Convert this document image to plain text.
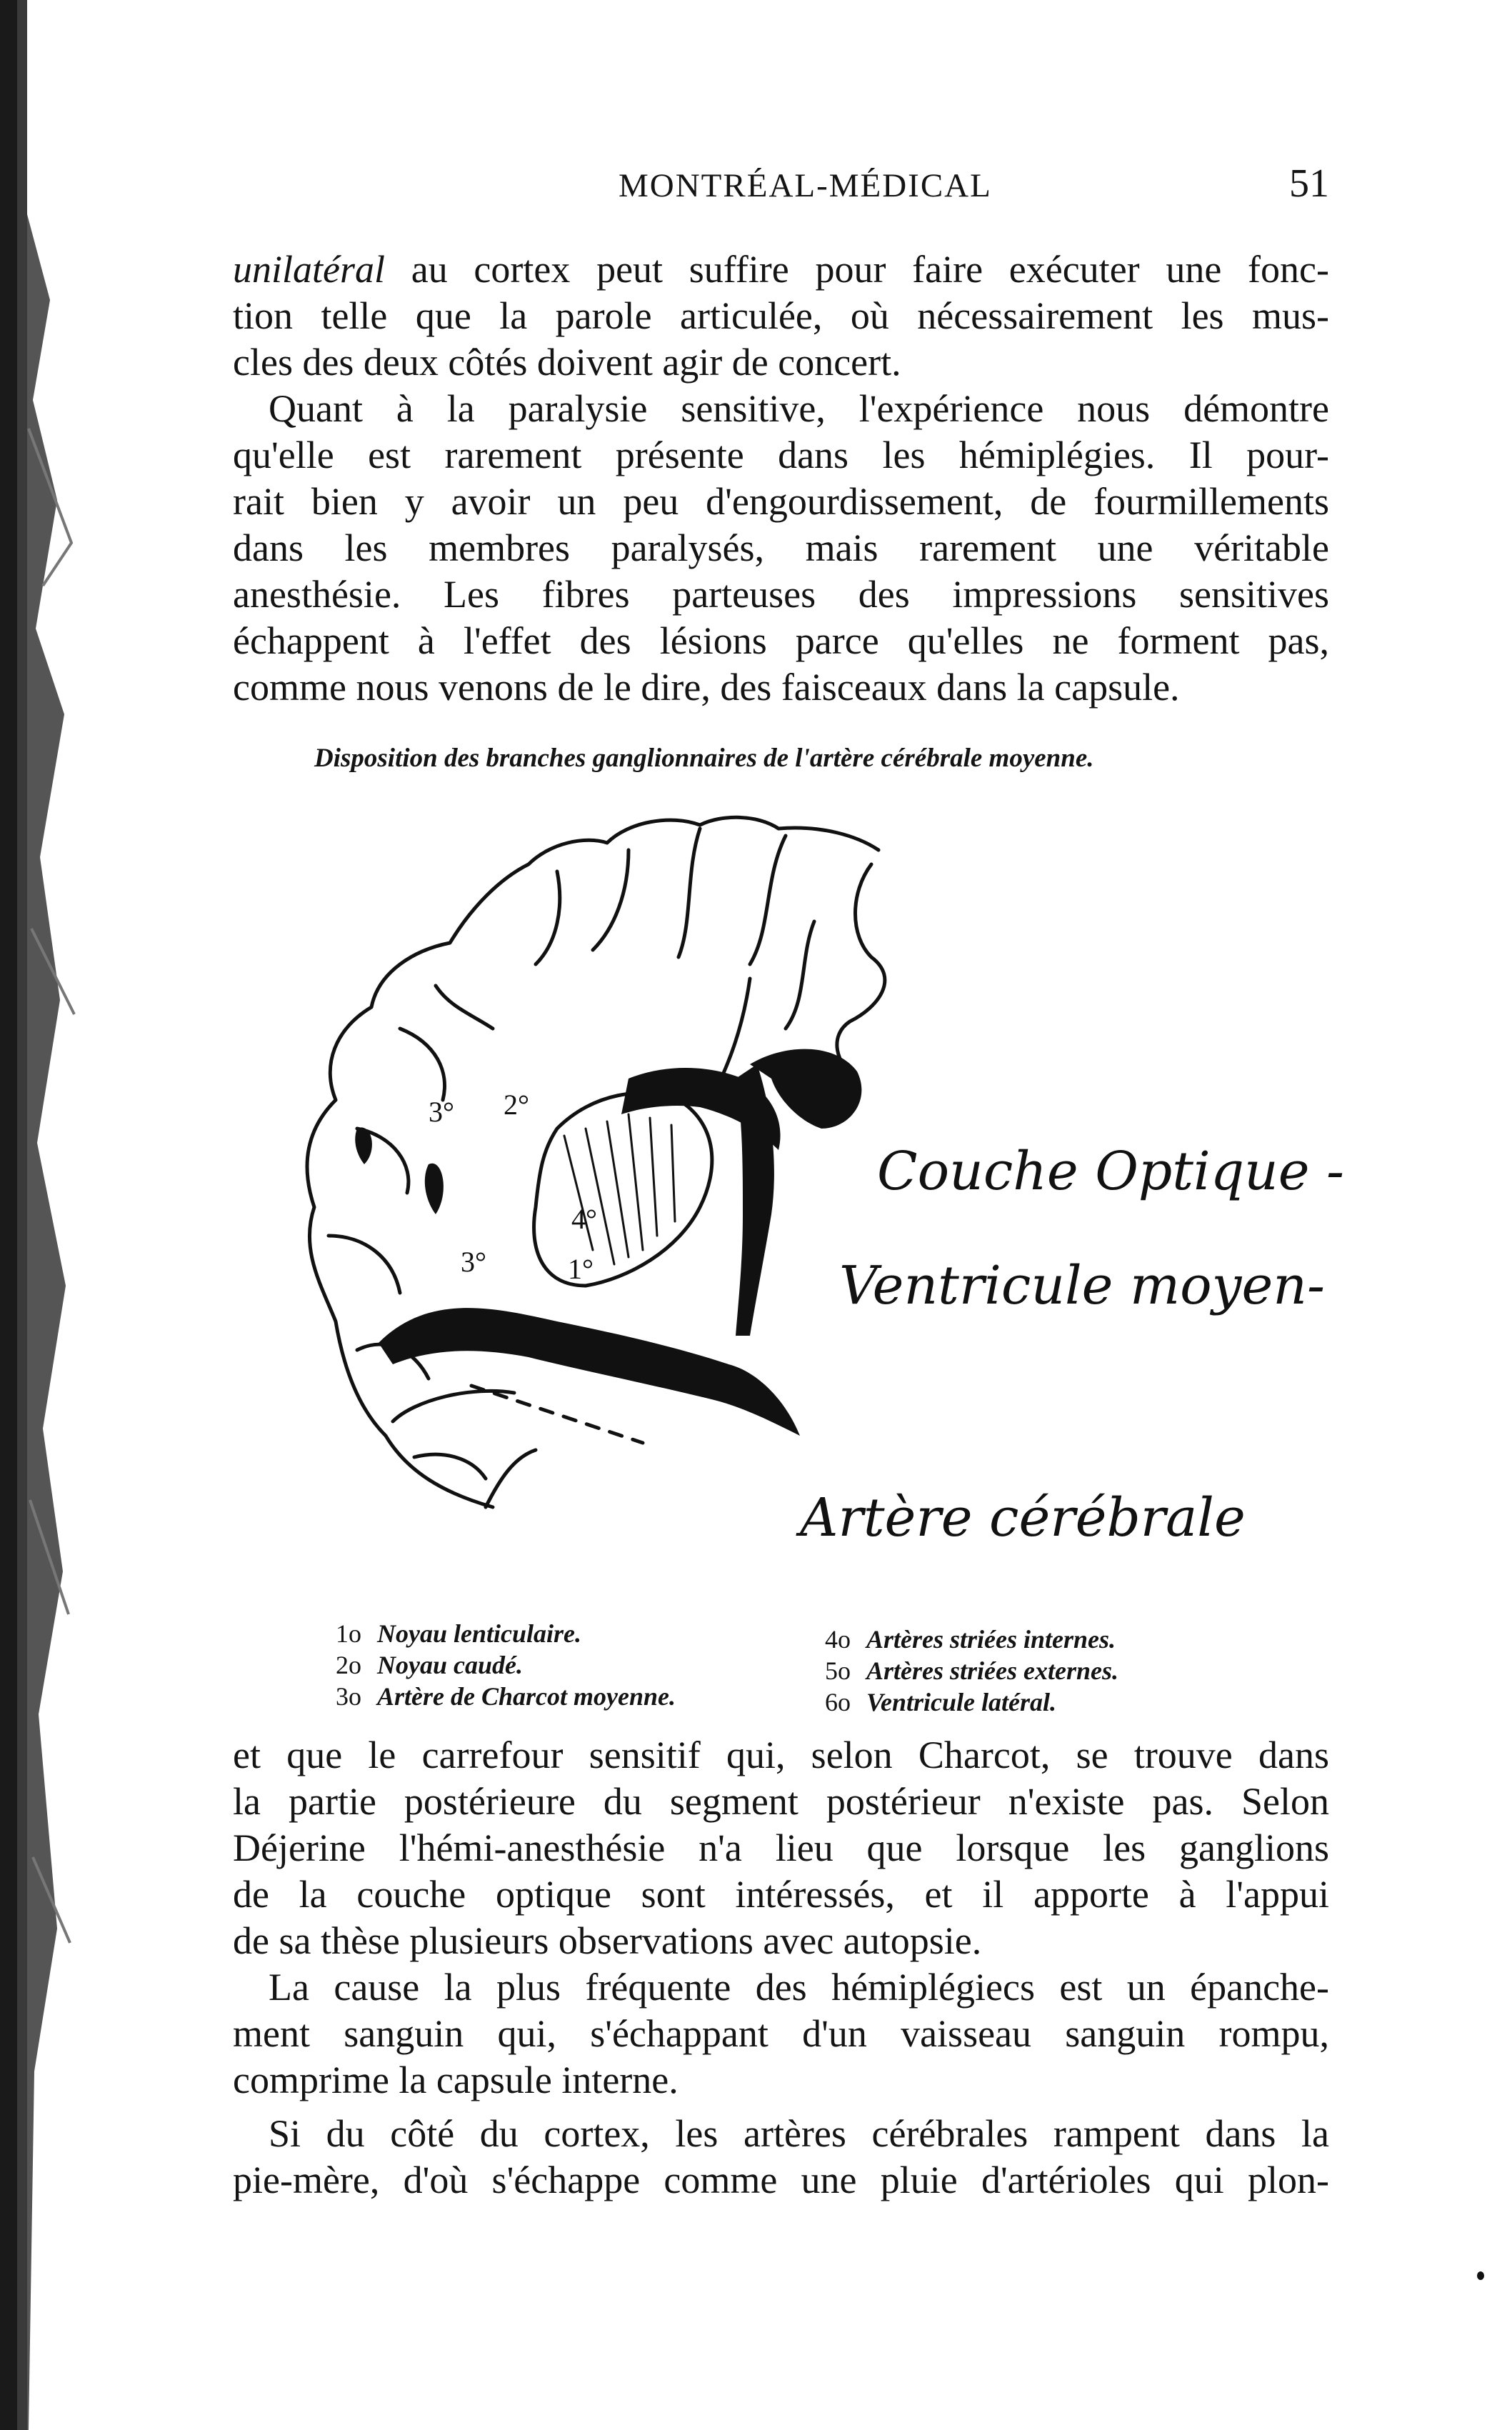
MONTRÉAL-MÉDICAL	51

unilatéral au cortex peut suffire pour faire exécuter une fonc-
tion telle que la parole articulée, où nécessairement les mus-
cles des deux côtés doivent agir de concert.

Quant à la paralysie sensitive, l'expérience nous démontre
qu'elle est rarement présente dans les hémiplégies. Il pour-
rait bien y avoir un peu d'engourdissement, de fourmillements
dans les membres paralysés, mais rarement une véritable
anesthésie. Les fibres parteuses des impressions sensitives
échappent à l'effet des lésions parce qu'elles ne forment pas,
comme nous venons de le dire, des faisceaux dans la capsule.

Disposition des branches ganglionnaires de l'artère cérébrale moyenne.
2°
3°
4°
3°	1°
6°
Couche Optique -
Ventricule moyen-
Artère cérébrale
1o Noyau lenticulaire.
2o Noyau caudé.
3o Artère de Charcot moyenne.
4o Artères striées internes.
5o Artères striées externes.
6o Ventricule latéral.

et que le carrefour sensitif qui, selon Charcot, se trouve dans
la partie postérieure du segment postérieur n'existe pas. Selon
Déjerine l'hémi-anesthésie n'a lieu que lorsque les ganglions
de la couche optique sont intéressés, et il apporte à l'appui
de sa thèse plusieurs observations avec autopsie.

La cause la plus fréquente des hémiplégiecs est un épanche-
ment sanguin qui, s'échappant d'un vaisseau sanguin rompu,
comprime la capsule interne.

Si du côté du cortex, les artères cérébrales rampent dans la
pie-mère, d'où s'échappe comme une pluie d'artérioles qui plon-
